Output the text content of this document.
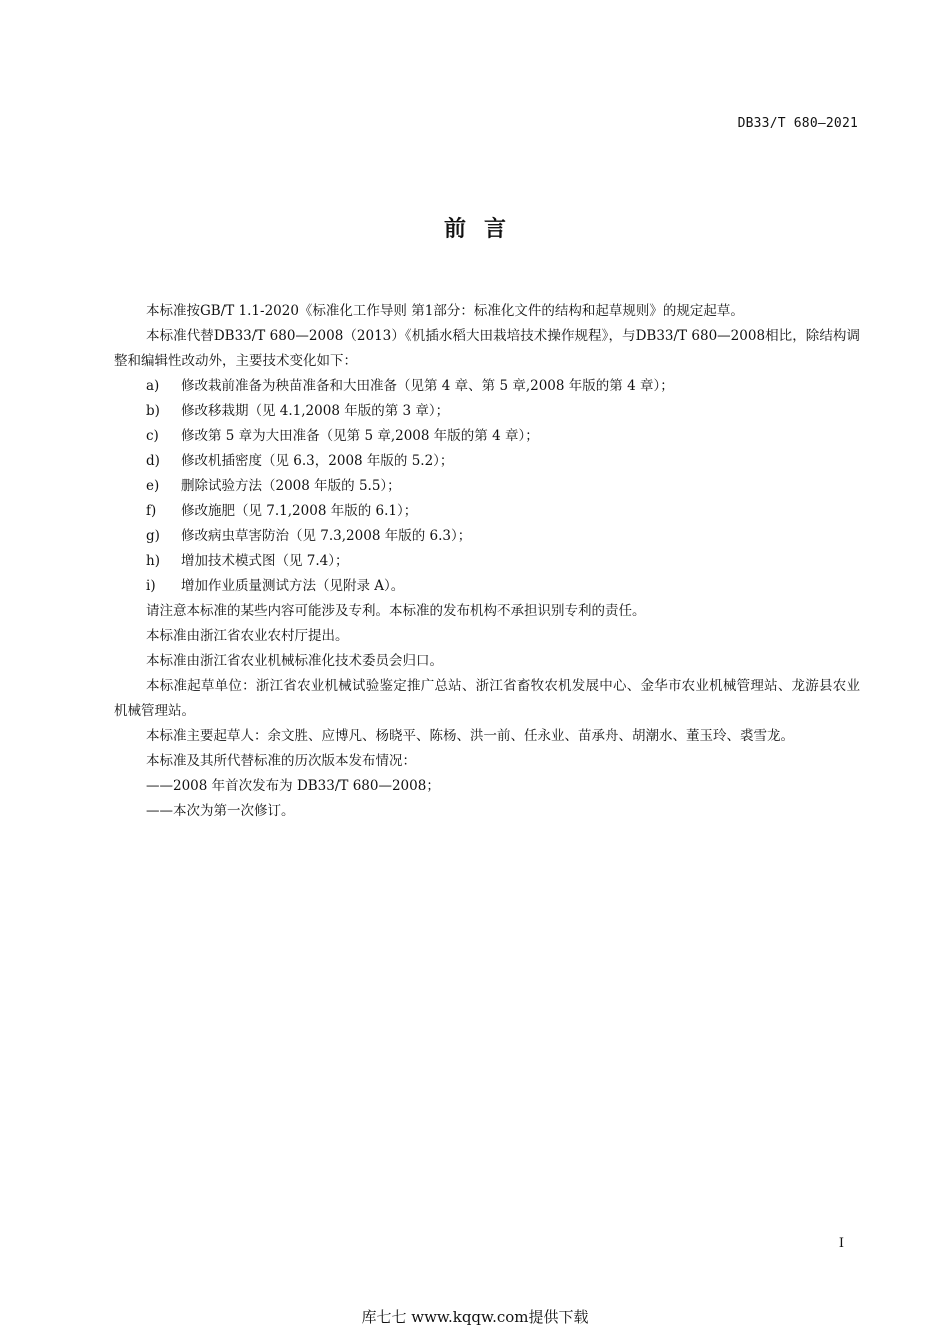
DB33/T 680—2021
前言

本标准按GB/T 1.1-2020《标准化工作导则 第1部分：标准化文件的结构和起草规则》的规定起草。

本标准代替DB33/T 680—2008（2013）《机插水稻大田栽培技术操作规程》，与DB33/T 680—2008相比，除结构调整和编辑性改动外，主要技术变化如下：

a)	修改栽前准备为秧苗准备和大田准备（见第 4 章、第 5 章,2008 年版的第 4 章）；
b)	修改移栽期（见 4.1,2008 年版的第 3 章）；
c)	修改第 5 章为大田准备（见第 5 章,2008 年版的第 4 章）；
d)	修改机插密度（见 6.3，2008 年版的 5.2）；
e)	删除试验方法（2008 年版的 5.5）；
f)	修改施肥（见 7.1,2008 年版的 6.1）；
g)	修改病虫草害防治（见 7.3,2008 年版的 6.3）；
h)	增加技术模式图（见 7.4）；
i)	增加作业质量测试方法（见附录 A）。

请注意本标准的某些内容可能涉及专利。本标准的发布机构不承担识别专利的责任。

本标准由浙江省农业农村厅提出。

本标准由浙江省农业机械标准化技术委员会归口。

本标准起草单位：浙江省农业机械试验鉴定推广总站、浙江省畜牧农机发展中心、金华市农业机械管理站、龙游县农业机械管理站。

本标准主要起草人：余文胜、应博凡、杨晓平、陈杨、洪一前、任永业、苗承舟、胡潮水、董玉玲、裘雪龙。

本标准及其所代替标准的历次版本发布情况：

——2008 年首次发布为 DB33/T 680—2008；

——本次为第一次修订。

I
库七七 www.kqqw.com提供下载
